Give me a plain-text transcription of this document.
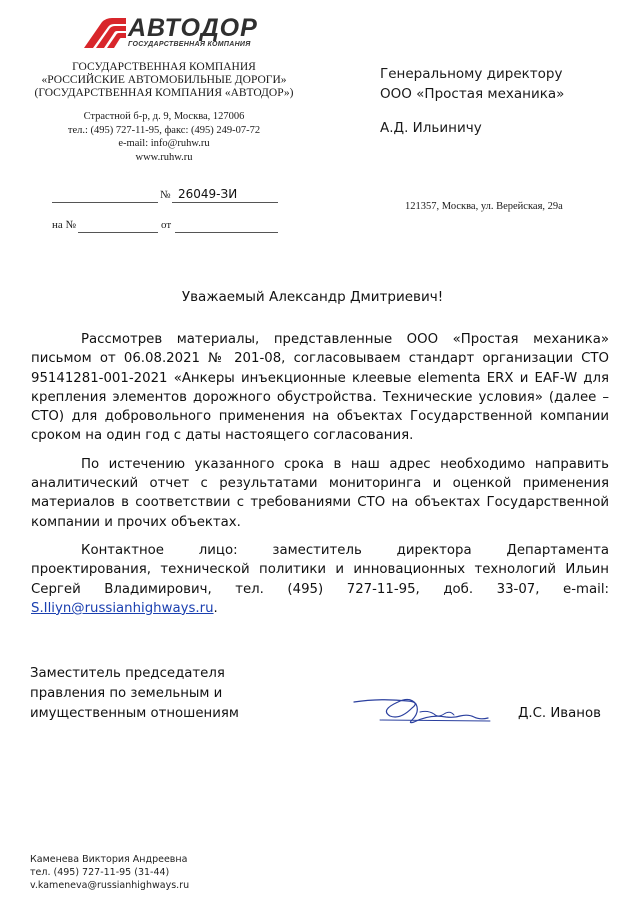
АВТОДОР
ГОСУДАРСТВЕННАЯ КОМПАНИЯ
ГОСУДАРСТВЕННАЯ КОМПАНИЯ
«РОССИЙСКИЕ АВТОМОБИЛЬНЫЕ ДОРОГИ»
(ГОСУДАРСТВЕННАЯ КОМПАНИЯ «АВТОДОР»)
Страстной б-р, д. 9, Москва, 127006
тел.: (495) 727-11-95, факс: (495) 249-07-72
e-mail: info@ruhw.ru
www.ruhw.ru
Генеральному директору
ООО «Простая механика»
А.Д. Ильиничу
121357, Москва, ул. Верейская, 29а
№ 26049-ЗИ
на №	от
Уважаемый Александр Дмитриевич!

Рассмотрев материалы, представленные ООО «Простая механика» письмом от 06.08.2021 № 201-08, согласовываем стандарт организации СТО 95141281-001-2021 «Анкеры инъекционные клеевые elementa ERX и EAF-W для крепления элементов дорожного обустройства. Технические условия» (далее – СТО) для добровольного применения на объектах Государственной компании сроком на один год с даты настоящего согласования.

По истечению указанного срока в наш адрес необходимо направить аналитический отчет с результатами мониторинга и оценкой применения материалов в соответствии с требованиями СТО на объектах Государственной компании и прочих объектах.

Контактное лицо: заместитель директора Департамента проектирования, технической политики и инновационных технологий Ильин Сергей Владимирович, тел. (495) 727-11-95, доб. 33-07, e-mail: S.Iliyn@russianhighways.ru.

Заместитель председателя
правления по земельным и
имущественным отношениям	Д.С. Иванов
Каменева Виктория Андреевна
тел. (495) 727-11-95 (31-44)
v.kameneva@russianhighways.ru
